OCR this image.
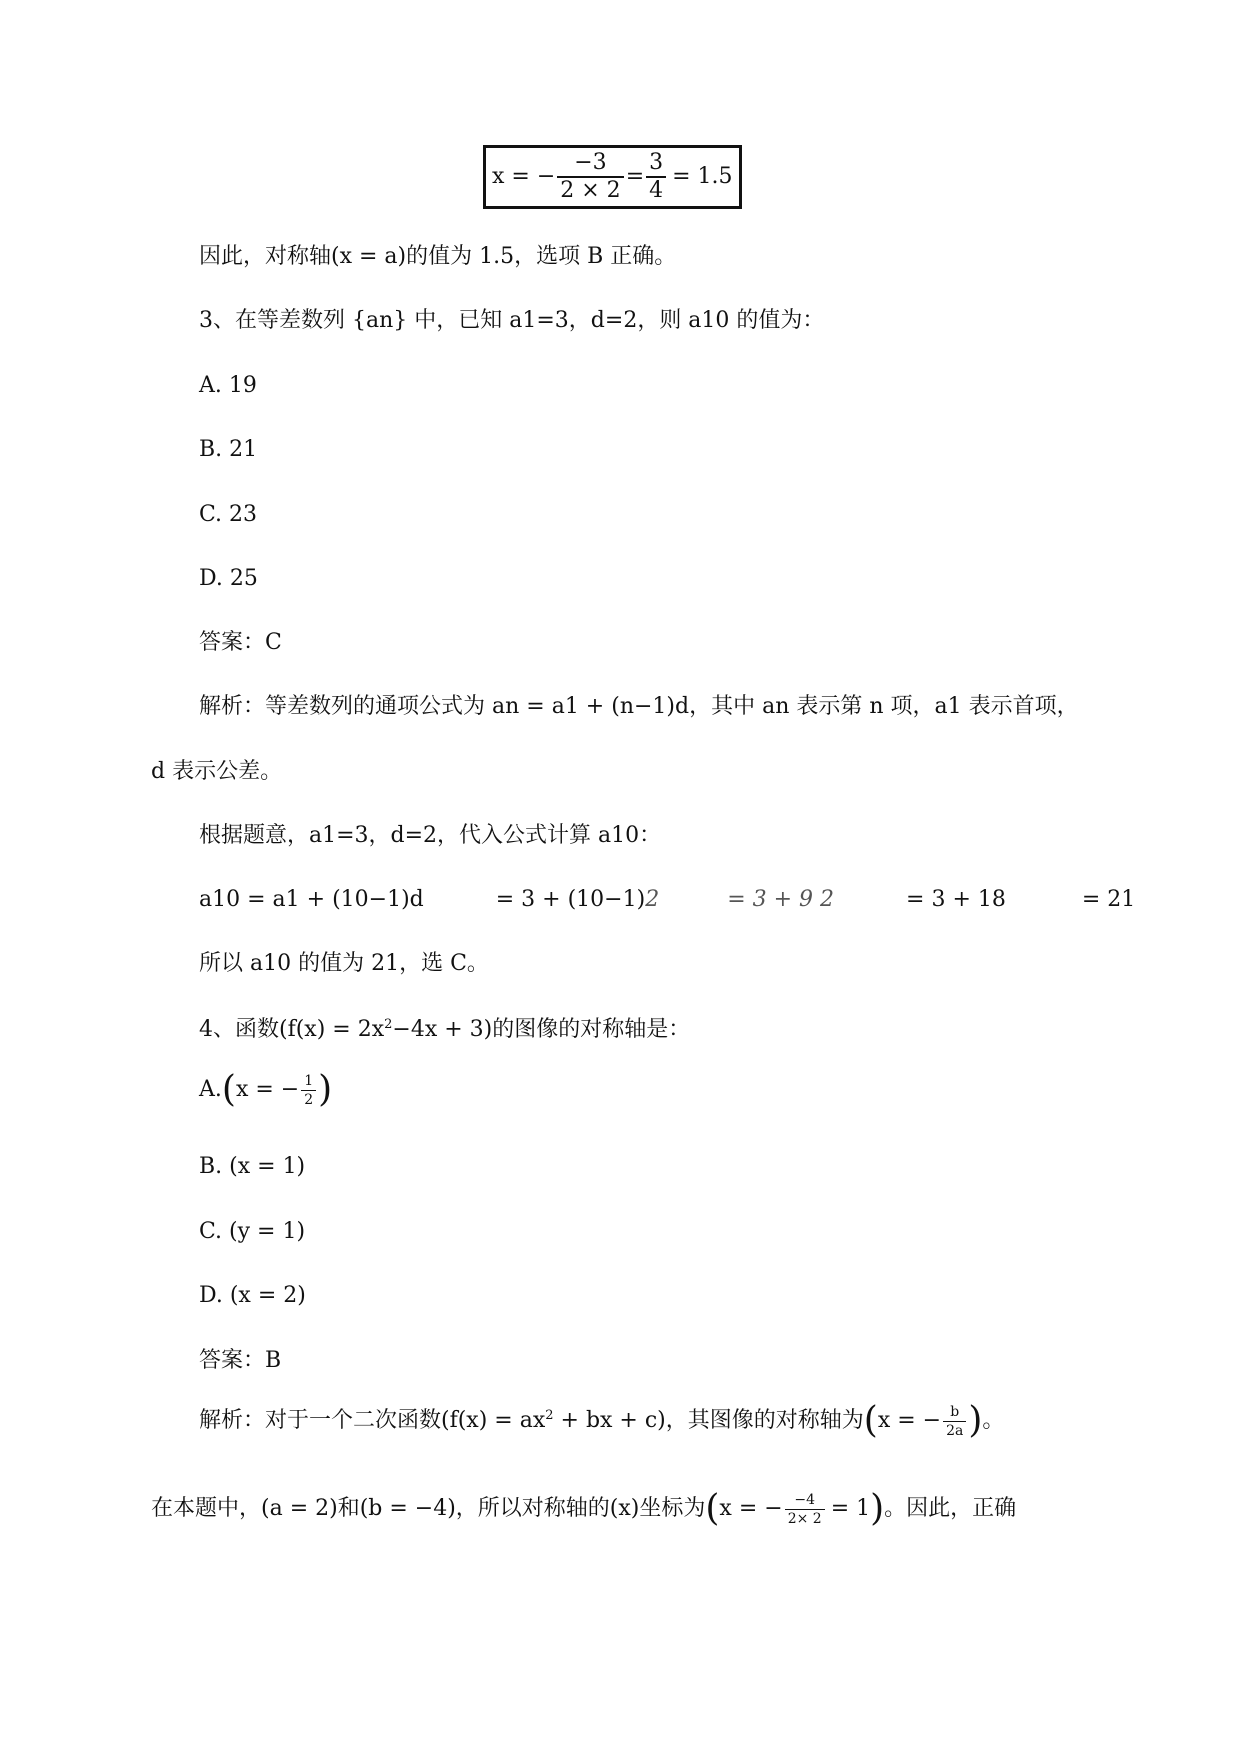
x = − $\frac{-3}{2 \times 2} = \frac{3}{4} = 1.5$
因此，对称轴(x = a)的值为 1.5，选项 B 正确。
3、在等差数列 {an} 中，已知 a1=3，d=2，则 a10 的值为：
A. 19
B. 21
C. 23
D. 25
答案：C
解析：等差数列的通项公式为 an = a1 + (n−1)d，其中 an 表示第 n 项，a1 表示首项，
d 表示公差。
根据题意，a1=3，d=2，代入公式计算 a10：
a10 = a1 + (10−1)d	= 3 + (10−1)2	= 3 + 9 2	= 3 + 18	= 21
所以 a10 的值为 21，选 C。
4、函数$(f(x) = 2x^2-4x + 3)$的图像的对称轴是：
A.(x = − $\frac{1}{2}$ )
B. (x = 1)
C. (y = 1)
D. (x = 2)
答案：B
解析：对于一个二次函数($f(x) = ax^2$ + bx + c)，其图像的对称轴为(x = − $\frac{b}{2a}$ )。
在本题中，(a = 2)和(b = −4)，所以对称轴的(x)坐标为(x = − $\frac{-4}{2\times 2} = 1$)。因此，正确
